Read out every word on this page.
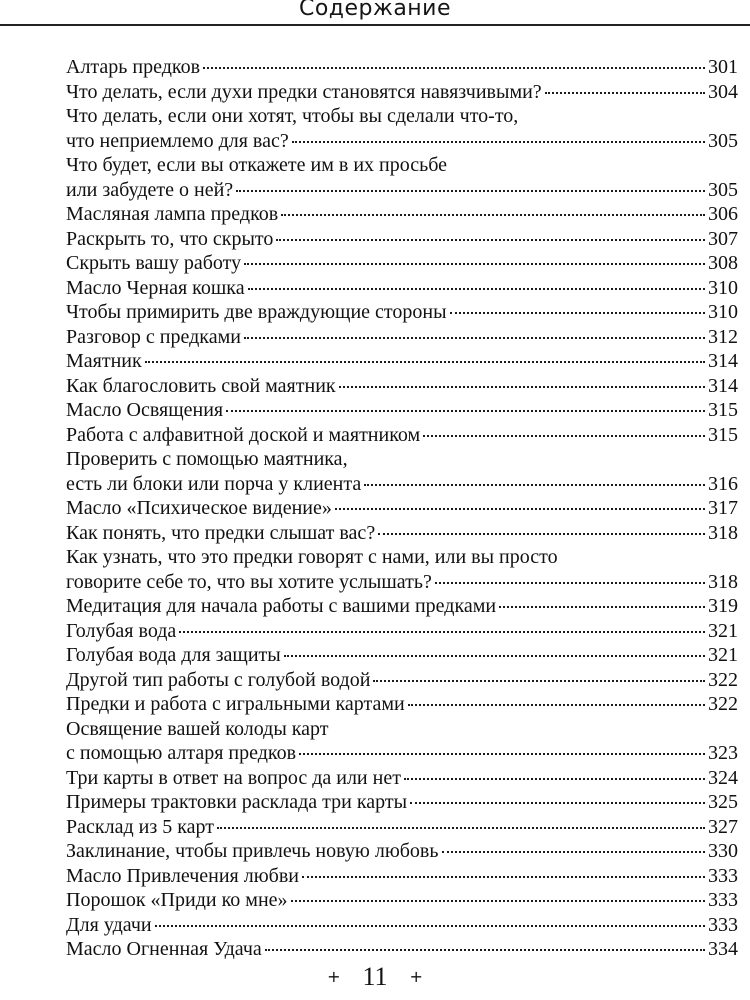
Содержание
Алтарь предков	301
Что делать, если духи предки становятся навязчивыми?	304
Что делать, если они хотят, чтобы вы сделали что-то,
что неприемлемо для вас?	305
Что будет, если вы откажете им в их просьбе
или забудете о ней?	305
Масляная лампа предков	306
Раскрыть то, что скрыто	307
Скрыть вашу работу	308
Масло Черная кошка	310
Чтобы примирить две враждующие стороны	310
Разговор с предками	312
Маятник	314
Как благословить свой маятник	314
Масло Освящения	315
Работа с алфавитной доской и маятником	315
Проверить с помощью маятника,
есть ли блоки или порча у клиента	316
Масло «Психическое видение»	317
Как понять, что предки слышат вас?	318
Как узнать, что это предки говорят с нами, или вы просто
говорите себе то, что вы хотите услышать?	318
Медитация для начала работы с вашими предками	319
Голубая вода	321
Голубая вода для защиты	321
Другой тип работы с голубой водой	322
Предки и работа с игральными картами	322
Освящение вашей колоды карт
с помощью алтаря предков	323
Три карты в ответ на вопрос да или нет	324
Примеры трактовки расклада три карты	325
Расклад из 5 карт	327
Заклинание, чтобы привлечь новую любовь	330
Масло Привлечения любви	333
Порошок «Приди ко мне»	333
Для удачи	333
Масло Огненная Удача	334
+ 11 +
